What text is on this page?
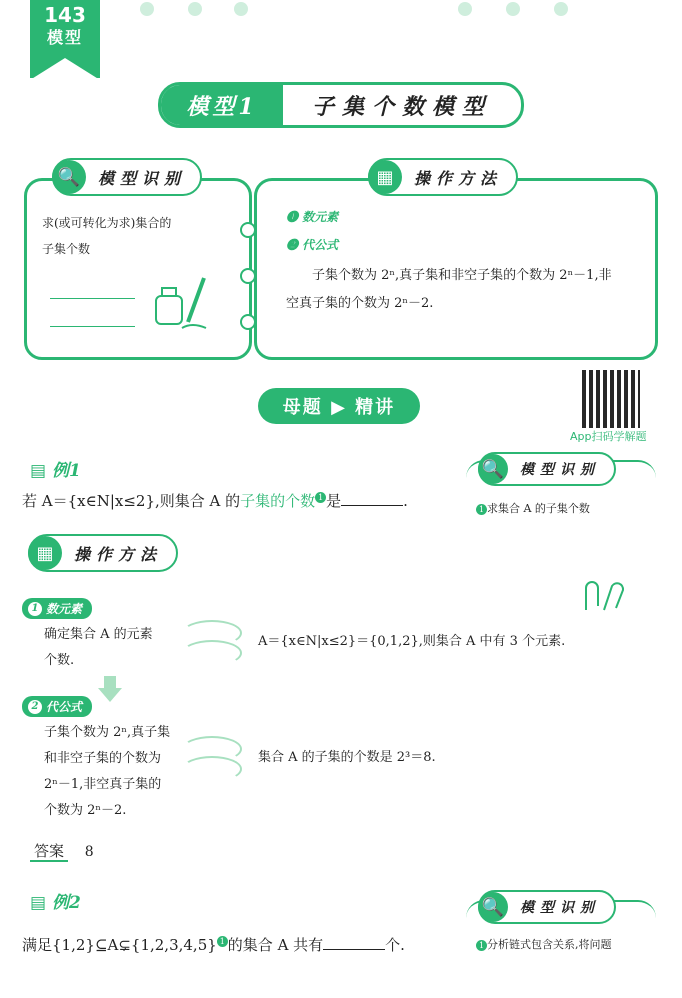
143
模型
模型1	子集个数模型
🔍	模型识别
求(或可转化为求)集合的
子集个数
▦	操作方法
❶ 数元素
❷ 代公式
子集个数为 2ⁿ,真子集和非空子集的个数为 2ⁿ－1,非
空真子集的个数为 2ⁿ－2.
母题 ▶ 精讲
App扫码学解题
▤ 例1
若 A＝{x∈N|x≤2},则集合 A 的子集的个数 1 是	.
🔍	模型识别
1 求集合 A 的子集个数
▦	操作方法
1 数元素
确定集合 A 的元素
个数.
A＝{x∈N|x≤2}＝{0,1,2},则集合 A 中有 3 个元素.
2 代公式
子集个数为 2ⁿ,真子集
和非空子集的个数为
2ⁿ－1,非空真子集的
个数为 2ⁿ－2.
集合 A 的子集的个数是 2³＝8.
答案 8
▤ 例2
满足{1,2}⊆A⊊{1,2,3,4,5} 1 的集合 A 共有	个.
🔍	模型识别
1 分析链式包含关系,将问题
